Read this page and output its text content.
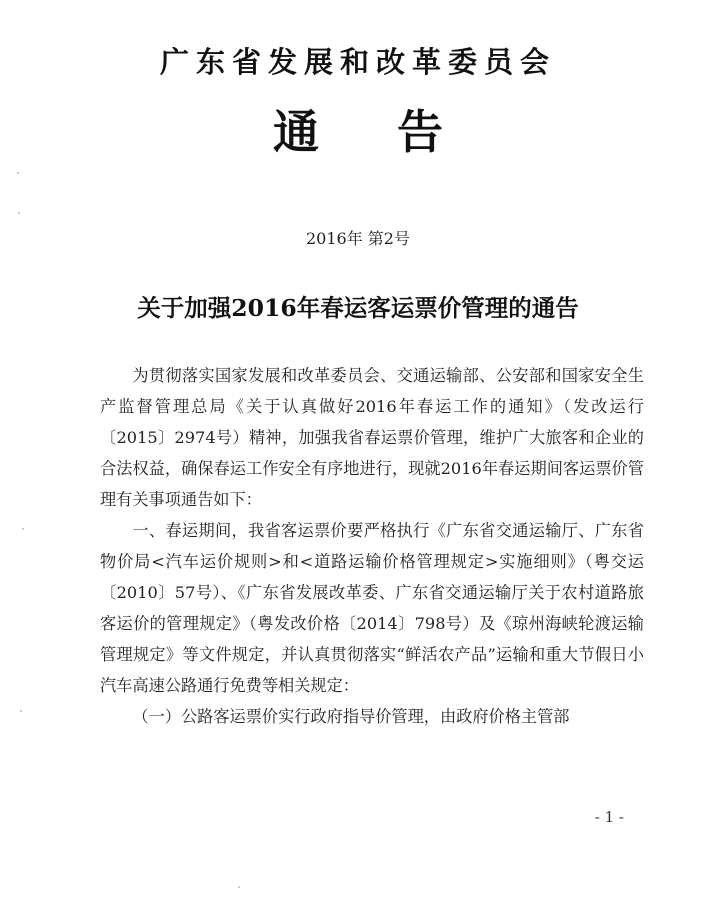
广东省发展和改革委员会
通告
2016年 第2号
关于加强2016年春运客运票价管理的通告

为贯彻落实国家发展和改革委员会、交通运输部、公安部和国家安全生产监督管理总局《关于认真做好2016年春运工作的通知》（发改运行〔2015〕2974号）精神，加强我省春运票价管理，维护广大旅客和企业的合法权益，确保春运工作安全有序地进行，现就2016年春运期间客运票价管理有关事项通告如下：

一、春运期间，我省客运票价要严格执行《广东省交通运输厅、广东省物价局<汽车运价规则>和<道路运输价格管理规定>实施细则》（粤交运〔2010〕57号）、《广东省发展改革委、广东省交通运输厅关于农村道路旅客运价的管理规定》（粤发改价格〔2014〕798号）及《琼州海峡轮渡运输管理规定》等文件规定，并认真贯彻落实“鲜活农产品”运输和重大节假日小汽车高速公路通行免费等相关规定：

（一）公路客运票价实行政府指导价管理，由政府价格主管部

- 1 -
